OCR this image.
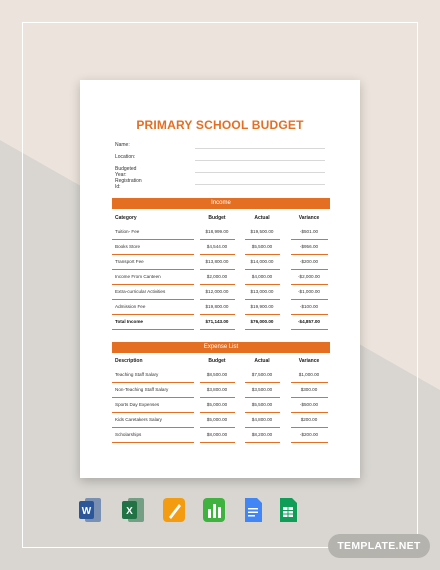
PRIMARY SCHOOL BUDGET
Name:
Location:
Budgeted Year:
Registration Id:
Income
Category	Budget	Actual	Variance
Tuition- Fee	$18,999.00	$19,500.00	-$501.00
Books Store	$4,544.00	$5,500.00	-$956.00
Transport Fee	$13,800.00	$14,000.00	-$200.00
Income From Canteen	$2,000.00	$4,000.00	-$2,000.00
Extra-curricular Activities	$12,000.00	$13,000.00	-$1,000.00
Admission Fee	$19,800.00	$19,900.00	-$100.00
Total Income	$71,143.00	$76,000.00	-$4,857.00
Expense List
Description	Budget	Actual	Variance
Teaching Staff Salary	$8,500.00	$7,500.00	$1,000.00
Non-Teaching Staff Salary	$3,800.00	$3,500.00	$300.00
Sports Day Expenses	$5,000.00	$5,500.00	-$500.00
Kids Caretakers Salary	$5,000.00	$4,800.00	$200.00
Scholarships	$8,000.00	$8,200.00	-$200.00
W	X
TEMPLATE.NET
